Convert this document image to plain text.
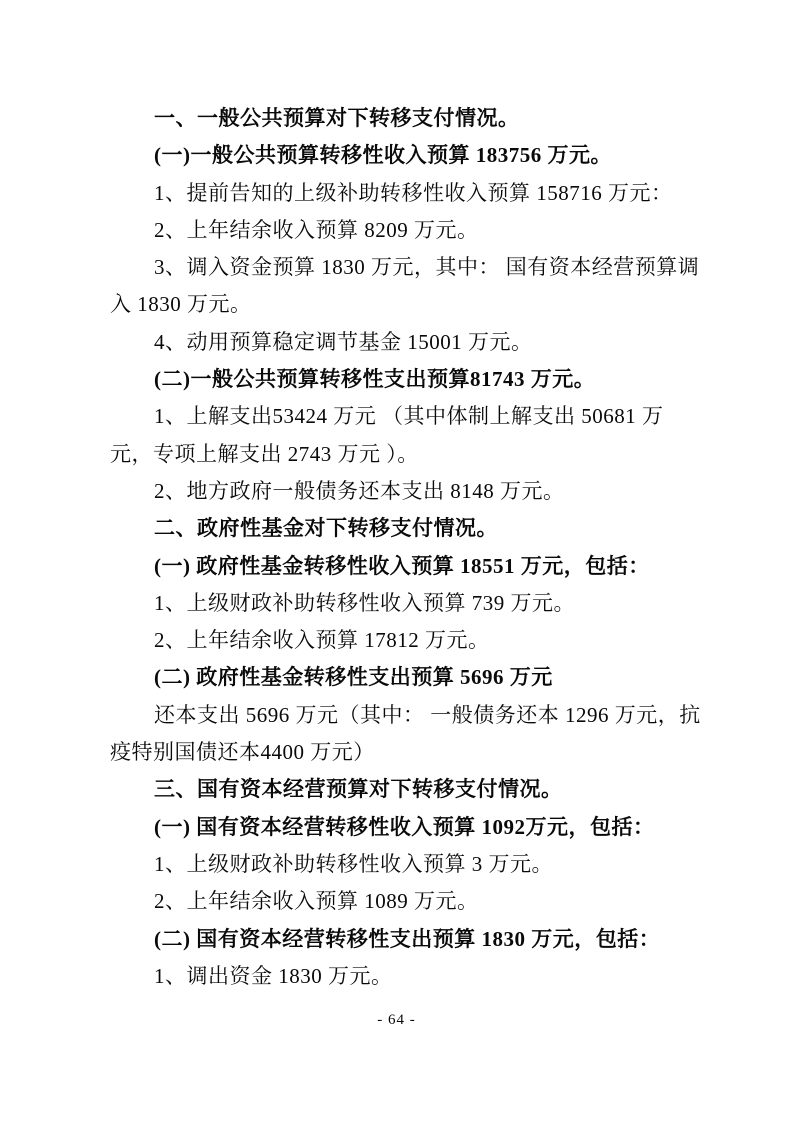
一、一般公共预算对下转移支付情况。
(一)一般公共预算转移性收入预算 183756 万元。
1、提前告知的上级补助转移性收入预算 158716 万元：
2、上年结余收入预算 8209 万元。
3、调入资金预算 1830 万元，其中： 国有资本经营预算调
入 1830 万元。
4、动用预算稳定调节基金 15001 万元。
(二)一般公共预算转移性支出预算81743 万元。
1、上解支出53424 万元 （其中体制上解支出 50681 万
元，专项上解支出 2743 万元 ）。
2、地方政府一般债务还本支出 8148 万元。
二、政府性基金对下转移支付情况。
(一) 政府性基金转移性收入预算 18551 万元，包括：
1、上级财政补助转移性收入预算 739 万元。
2、上年结余收入预算 17812 万元。
(二) 政府性基金转移性支出预算 5696 万元
还本支出 5696 万元（其中： 一般债务还本 1296 万元，抗
疫特别国债还本4400 万元）
三、国有资本经营预算对下转移支付情况。
(一) 国有资本经营转移性收入预算 1092万元，包括：
1、上级财政补助转移性收入预算 3 万元。
2、上年结余收入预算 1089 万元。
(二) 国有资本经营转移性支出预算 1830 万元，包括：
1、调出资金 1830 万元。
- 64 -
